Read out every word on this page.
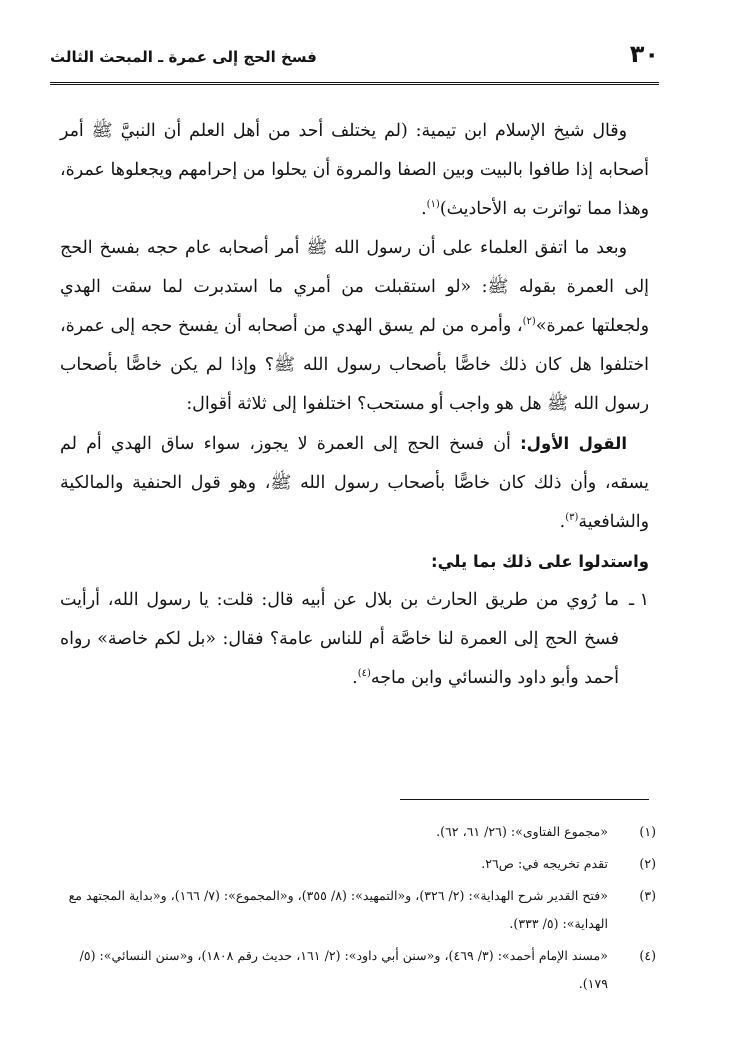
٣٠
فسخ الحج إلى عمرة ـ المبحث الثالث

وقال شيخ الإسلام ابن تيمية: (لم يختلف أحد من أهل العلم أن النبيَّ ﷺ أمر أصحابه إذا طافوا بالبيت وبين الصفا والمروة أن يحلوا من إحرامهم ويجعلوها عمرة، وهذا مما تواترت به الأحاديث)$^{(١)}$.

وبعد ما اتفق العلماء على أن رسول الله ﷺ أمر أصحابه عام حجه بفسخ الحج إلى العمرة بقوله ﷺ: «لو استقبلت من أمري ما استدبرت لما سقت الهدي ولجعلتها عمرة»$^{(٢)}$، وأمره من لم يسق الهدي من أصحابه أن يفسخ حجه إلى عمرة، اختلفوا هل كان ذلك خاصًّا بأصحاب رسول الله ﷺ؟ وإذا لم يكن خاصًّا بأصحاب رسول الله ﷺ هل هو واجب أو مستحب؟ اختلفوا إلى ثلاثة أقوال:

القول الأول: أن فسخ الحج إلى العمرة لا يجوز، سواء ساق الهدي أم لم يسقه، وأن ذلك كان خاصًّا بأصحاب رسول الله ﷺ، وهو قول الحنفية والمالكية والشافعية$^{(٣)}$.

واستدلوا على ذلك بما يلي:

١ ـ
ما رُوي من طريق الحارث بن بلال عن أبيه قال: قلت: يا رسول الله، أرأيت فسخ الحج إلى العمرة لنا خاصَّة أم للناس عامة؟ فقال: «بل لكم خاصة» رواه أحمد وأبو داود والنسائي وابن ماجه$^{(٤)}$.

(١)
«مجموع الفتاوى»: (٢٦/ ٦١، ٦٢).
(٢)
تقدم تخريجه في: ص٢٦.
(٣)
«فتح القدير شرح الهداية»: (٢/ ٣٢٦)، و«التمهيد»: (٨/ ٣٥٥)، و«المجموع»: (٧/ ١٦٦)، و«بداية المجتهد مع الهداية»: (٥/ ٣٣٣).
(٤)
«مسند الإمام أحمد»: (٣/ ٤٦٩)، و«سنن أبي داود»: (٢/ ١٦١، حديث رقم ١٨٠٨)، و«سنن النسائي»: (٥/ ١٧٩).
